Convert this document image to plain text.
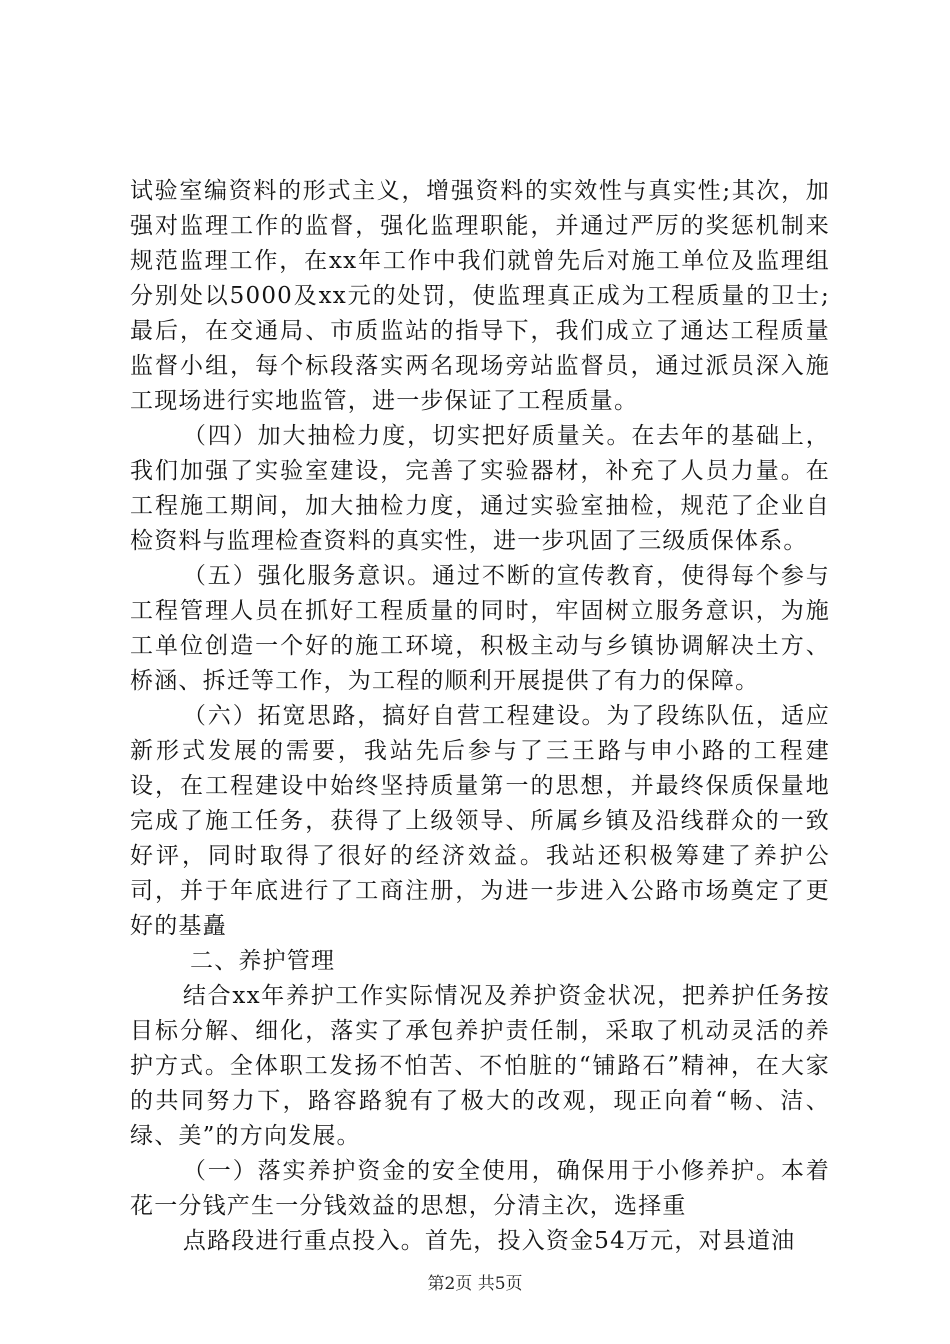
试验室编资料的形式主义，增强资料的实效性与真实性;其次，加强对监理工作的监督，强化监理职能，并通过严厉的奖惩机制来规范监理工作，在xx年工作中我们就曾先后对施工单位及监理组分别处以5000及xx元的处罚，使监理真正成为工程质量的卫士;最后，在交通局、市质监站的指导下，我们成立了通达工程质量监督小组，每个标段落实两名现场旁站监督员，通过派员深入施工现场进行实地监管，进一步保证了工程质量。

（四）加大抽检力度，切实把好质量关。在去年的基础上，我们加强了实验室建设，完善了实验器材，补充了人员力量。在工程施工期间，加大抽检力度，通过实验室抽检，规范了企业自检资料与监理检查资料的真实性，进一步巩固了三级质保体系。

（五）强化服务意识。通过不断的宣传教育，使得每个参与工程管理人员在抓好工程质量的同时，牢固树立服务意识，为施工单位创造一个好的施工环境，积极主动与乡镇协调解决土方、桥涵、拆迁等工作，为工程的顺利开展提供了有力的保障。

（六）拓宽思路，搞好自营工程建设。为了段练队伍，适应新形式发展的需要，我站先后参与了三王路与申小路的工程建设，在工程建设中始终坚持质量第一的思想，并最终保质保量地完成了施工任务，获得了上级领导、所属乡镇及沿线群众的一致好评，同时取得了很好的经济效益。我站还积极筹建了养护公司，并于年底进行了工商注册，为进一步进入公路市场奠定了更好的基矗

二、养护管理

结合xx年养护工作实际情况及养护资金状况，把养护任务按目标分解、细化，落实了承包养护责任制，采取了机动灵活的养护方式。全体职工发扬不怕苦、不怕脏的“铺路石”精神，在大家的共同努力下，路容路貌有了极大的改观，现正向着“畅、洁、绿、美”的方向发展。

（一）落实养护资金的安全使用，确保用于小修养护。本着花一分钱产生一分钱效益的思想，分清主次，选择重

点路段进行重点投入。首先，投入资金54万元，对县道油

第2页 共5页
